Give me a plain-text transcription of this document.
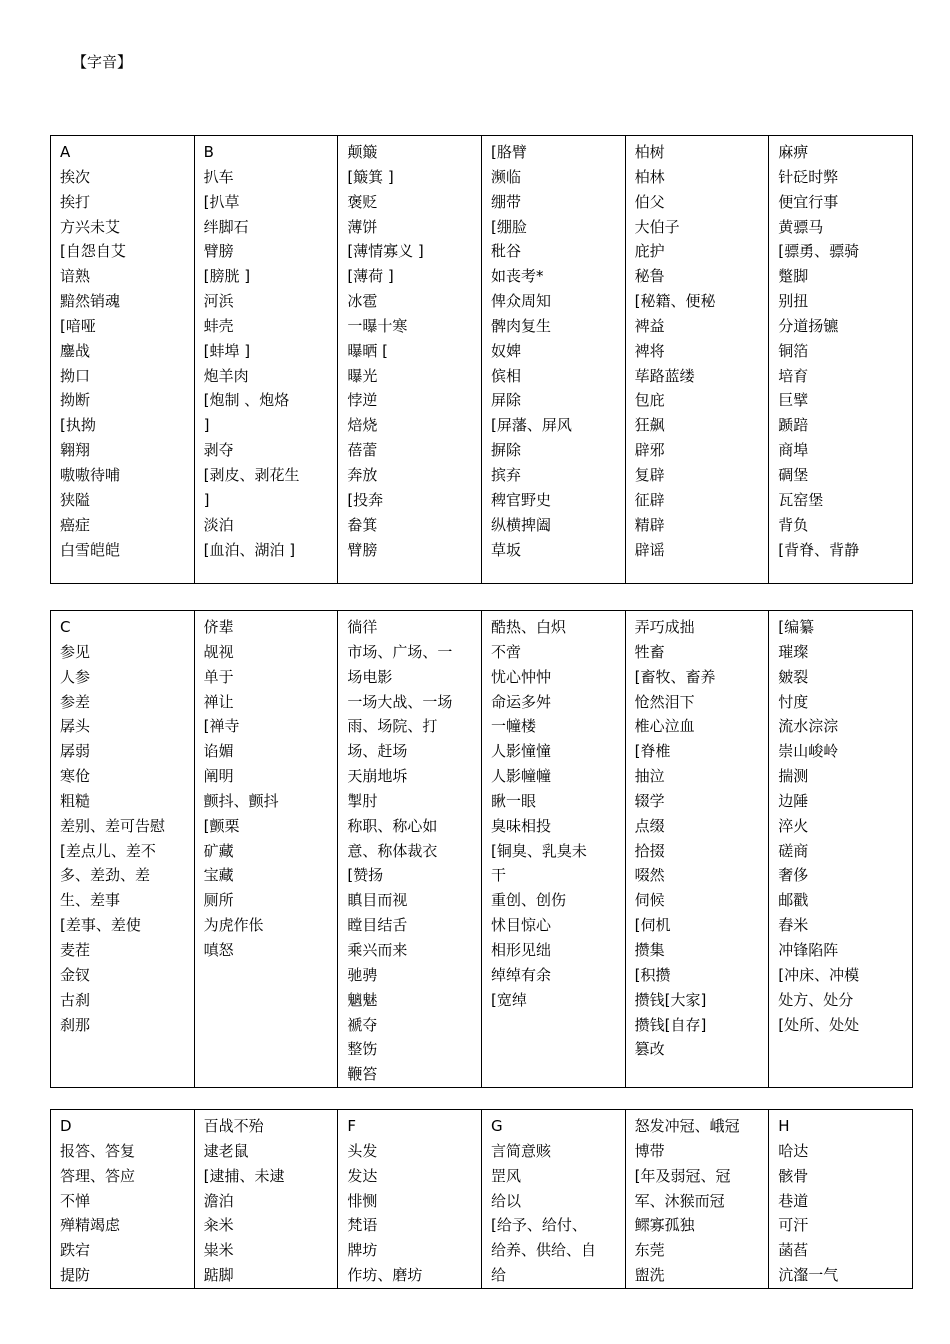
【字音】
A
挨次
挨打
方兴未艾
[自怨自艾
谙熟
黯然销魂
[喑哑
鏖战
拗口
拗断
[执拗
翱翔
嗷嗷待哺
狭隘
癌症
白雪皑皑

B
扒车
[扒草
绊脚石
臂膀
[膀胱 ]
河浜
蚌壳
[蚌埠 ]
炮羊肉
[炮制 、炮烙
]
剥夺
[剥皮、剥花生
]
淡泊
[血泊、湖泊 ]

颠簸
[簸箕 ]
褒贬
薄饼
[薄情寡义 ]
[薄荷 ]
冰雹
一曝十寒
曝晒 [
曝光
悖逆
焙烧
蓓蕾
奔放
[投奔
畚箕
臂膀

[胳臂
濒临
绷带
[绷脸
秕谷
如丧考*
俾众周知
髀肉复生
奴婢
傧相
屏除
[屏藩、屏风
摒除
摈弃
稗官野史
纵横捭阖
草坂

柏树
柏林
伯父
大伯子
庇护
秘鲁
[秘籍、便秘
裨益
裨将
荜路蓝缕
包庇
狂飙
辟邪
复辟
征辟
精辟
辟谣

麻痹
针砭时弊
便宜行事
黄骠马
[骠勇、骠骑
蹩脚
别扭
分道扬镳
铜箔
培育
巨擘
踬踣
商埠
碉堡
瓦窑堡
背负
[背脊、背静
C
参见
人参
参差
孱头
孱弱
寒伧
粗糙
差别、差可告慰
[差点儿、差不
多、差劲、差
生、差事
[差事、差使
麦茬
金钗
古刹
刹那

侪辈
觇视
单于
禅让
[禅寺
谄媚
阐明
颤抖、颤抖
[颤栗
矿藏
宝藏
厕所
为虎作伥
嗔怒

徜徉
市场、广场、一
场电影
一场大战、一场
雨、场院、打
场、赶场
天崩地坼
掣肘
称职、称心如
意、称体裁衣
[赞扬
瞋目而视
瞠目结舌
乘兴而来
驰骋
魑魅
褫夺
整饬
鞭笞

酷热、白炽
不啻
忧心忡忡
命运多舛
一幢楼
人影憧憧
人影幢幢
瞅一眼
臭味相投
[铜臭、乳臭未
干
重创、创伤
怵目惊心
相形见绌
绰绰有余
[宽绰

弄巧成拙
牲畜
[畜牧、畜养
怆然泪下
椎心泣血
[脊椎
抽泣
辍学
点缀
拾掇
啜然
伺候
[伺机
攒集
[积攒
攒钱[大家]
攒钱[自存]
篡改

[编纂
璀璨
皴裂
忖度
流水淙淙
崇山峻岭
揣测
边陲
淬火
磋商
奢侈
邮戳
舂米
冲锋陷阵
[冲床、冲模
处方、处分
[处所、处处
D
报答、答复
答理、答应
不惮
殚精竭虑
跌宕
提防

百战不殆
逮老鼠
[逮捕、未逮
澹泊
籴米
粜米
踮脚

F
头发
发达
悱恻
梵语
牌坊
作坊、磨坊

G
言简意赅
罡风
给以
[给予、给付、
给养、供给、自
给

怒发冲冠、峨冠
博带
[年及弱冠、冠
军、沐猴而冠
鳏寡孤独
东莞
盥洗

H
哈达
骸骨
巷道
可汗
菡萏
沆瀣一气
